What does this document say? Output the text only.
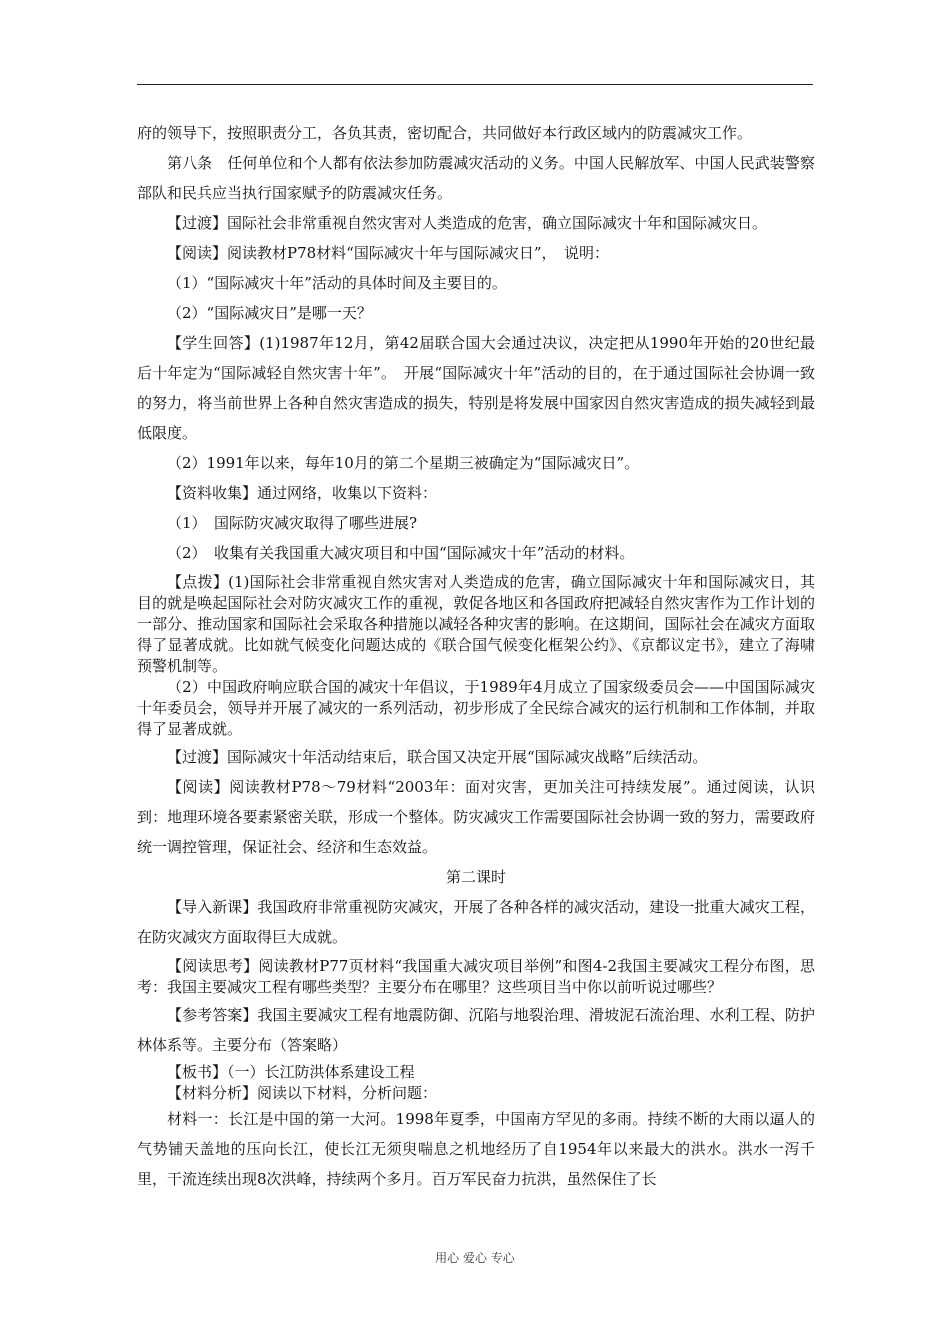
府的领导下，按照职责分工，各负其责，密切配合，共同做好本行政区域内的防震减灾工作。

第八条　任何单位和个人都有依法参加防震减灾活动的义务。中国人民解放军、中国人民武装警察部队和民兵应当执行国家赋予的防震减灾任务。

【过渡】国际社会非常重视自然灾害对人类造成的危害，确立国际减灾十年和国际减灾日。

【阅读】阅读教材P78材料“国际减灾十年与国际减灾日”，　说明：

（1）“国际减灾十年”活动的具体时间及主要目的。

（2）“国际减灾日”是哪一天？

【学生回答】(1)1987年12月，第42届联合国大会通过决议，决定把从1990年开始的20世纪最后十年定为“国际减轻自然灾害十年”。　开展“国际减灾十年”活动的目的，在于通过国际社会协调一致的努力，将当前世界上各种自然灾害造成的损失，特别是将发展中国家因自然灾害造成的损失减轻到最低限度。

（2）1991年以来，每年10月的第二个星期三被确定为“国际减灾日”。

【资料收集】通过网络，收集以下资料：

（1）　国际防灾减灾取得了哪些进展?

（2）　收集有关我国重大减灾项目和中国“国际减灾十年”活动的材料。

【点拨】(1)国际社会非常重视自然灾害对人类造成的危害，确立国际减灾十年和国际减灾日，其目的就是唤起国际社会对防灾减灾工作的重视，敦促各地区和各国政府把减轻自然灾害作为工作计划的一部分、推动国家和国际社会采取各种措施以减轻各种灾害的影响。在这期间，国际社会在减灾方面取得了显著成就。比如就气候变化问题达成的《联合国气候变化框架公约》、《京都议定书》，建立了海啸预警机制等。

（2）中国政府响应联合国的减灾十年倡议，于1989年4月成立了国家级委员会——中国国际减灾十年委员会，领导并开展了减灾的一系列活动，初步形成了全民综合减灾的运行机制和工作体制，并取得了显著成就。

【过渡】国际减灾十年活动结束后，联合国又决定开展“国际减灾战略”后续活动。

【阅读】阅读教材P78～79材料“2003年：面对灾害，更加关注可持续发展”。通过阅读，认识到：地理环境各要素紧密关联，形成一个整体。防灾减灾工作需要国际社会协调一致的努力，需要政府统一调控管理，保证社会、经济和生态效益。

第二课时

【导入新课】我国政府非常重视防灾减灾，开展了各种各样的减灾活动，建设一批重大减灾工程，在防灾减灾方面取得巨大成就。

【阅读思考】阅读教材P77页材料“我国重大减灾项目举例”和图4-2我国主要减灾工程分布图，思考：我国主要减灾工程有哪些类型？主要分布在哪里？这些项目当中你以前听说过哪些？

【参考答案】我国主要减灾工程有地震防御、沉陷与地裂治理、滑坡泥石流治理、水利工程、防护林体系等。主要分布（答案略）

【板书】（一）长江防洪体系建设工程

【材料分析】阅读以下材料，分析问题：

材料一：长江是中国的第一大河。1998年夏季，中国南方罕见的多雨。持续不断的大雨以逼人的气势铺天盖地的压向长江，使长江无须臾喘息之机地经历了自1954年以来最大的洪水。洪水一泻千里，干流连续出现8次洪峰，持续两个多月。百万军民奋力抗洪，虽然保住了长

用心 爱心 专心
